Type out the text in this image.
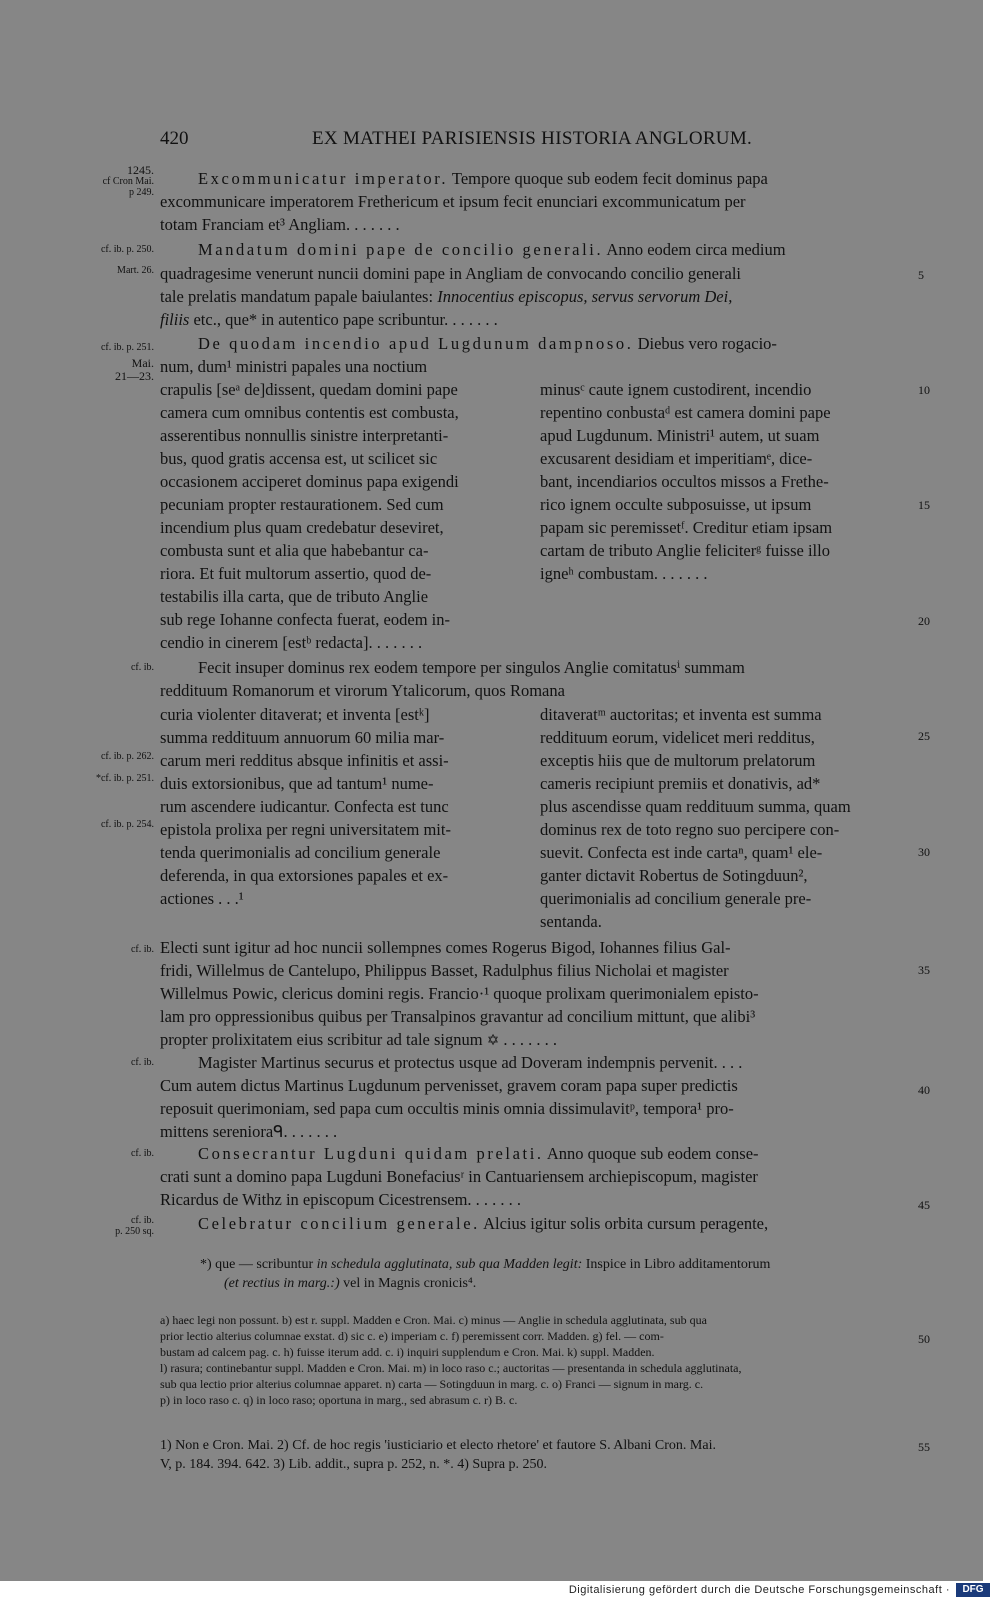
420	EX MATHEI PARISIENSIS HISTORIA ANGLORUM.
1245.
cf Cron Mai.
p 249.
cf. ib. p. 250.
Mart. 26.
cf. ib. p. 251.
Mai.
21—23.
cf. ib.
cf. ib. p. 262.
*cf. ib. p. 251.
cf. ib. p. 254.
cf. ib.
cf. ib.
cf. ib.
cf. ib.
p. 250 sq.
5
10
15
20
25
30
35
40
45
50
55
Excommunicatur imperator. Tempore quoque sub eodem fecit dominus papa
excommunicare imperatorem Frethericum et ipsum fecit enunciari excommunicatum per
totam Franciam et³ Angliam. . . . . . .
Mandatum domini pape de concilio generali. Anno eodem circa medium
quadragesime venerunt nuncii domini pape in Angliam de convocando concilio generali
tale prelatis mandatum papale baiulantes: Innocentius episcopus, servus servorum Dei,
filiis etc., que* in autentico pape scribuntur. . . . . . .
De quodam incendio apud Lugdunum dampnoso. Diebus vero rogacio-
num, dum¹ ministri papales una noctium
crapulis [seᵃ de]dissent, quedam domini pape
camera cum omnibus contentis est combusta,
asserentibus nonnullis sinistre interpretanti-
bus, quod gratis accensa est, ut scilicet sic
occasionem acciperet dominus papa exigendi
pecuniam propter restaurationem. Sed cum
incendium plus quam credebatur deseviret,
combusta sunt et alia que habebantur ca-
riora. Et fuit multorum assertio, quod de-
testabilis illa carta, que de tributo Anglie
sub rege Iohanne confecta fuerat, eodem in-
cendio in cinerem [estᵇ redacta]. . . . . . .
minusᶜ caute ignem custodirent, incendio
repentino conbustaᵈ est camera domini pape
apud Lugdunum. Ministri¹ autem, ut suam
excusarent desidiam et imperitiamᵉ, dice-
bant, incendiarios occultos missos a Frethe-
rico ignem occulte subposuisse, ut ipsum
papam sic peremissetᶠ. Creditur etiam ipsam
cartam de tributo Anglie feliciterᵍ fuisse illo
igneʰ combustam. . . . . . .
Fecit insuper dominus rex eodem tempore per singulos Anglie comitatusⁱ summam
reddituum Romanorum et virorum Ytalicorum, quos Romana
curia violenter ditaverat; et inventa [estᵏ]
summa reddituum annuorum 60 milia mar-
carum meri redditus absque infinitis et assi-
duis extorsionibus, que ad tantum¹ nume-
rum ascendere iudicantur. Confecta est tunc
epistola prolixa per regni universitatem mit-
tenda querimonialis ad concilium generale
deferenda, in qua extorsiones papales et ex-
actiones . . .¹
ditaveratᵐ auctoritas; et inventa est summa
reddituum eorum, videlicet meri redditus,
exceptis hiis que de multorum prelatorum
cameris recipiunt premiis et donativis, ad*
plus ascendisse quam reddituum summa, quam
dominus rex de toto regno suo percipere con-
suevit. Confecta est inde cartaⁿ, quam¹ ele-
ganter dictavit Robertus de Sotingduun²,
querimonialis ad concilium generale pre-
sentanda.
Electi sunt igitur ad hoc nuncii sollempnes comes Rogerus Bigod, Iohannes filius Gal-
fridi, Willelmus de Cantelupo, Philippus Basset, Radulphus filius Nicholai et magister
Willelmus Powic, clericus domini regis. Francio·¹ quoque prolixam querimonialem episto-
lam pro oppressionibus quibus per Transalpinos gravantur ad concilium mittunt, que alibi³
propter prolixitatem eius scribitur ad tale signum ✡ . . . . . . .
Magister Martinus securus et protectus usque ad Doveram indempnis pervenit. . . .
Cum autem dictus Martinus Lugdunum pervenisset, gravem coram papa super predictis
reposuit querimoniam, sed papa cum occultis minis omnia dissimulavitᵖ, tempora¹ pro-
mittens serenioraᑫ. . . . . . .
Consecrantur Lugduni quidam prelati. Anno quoque sub eodem conse-
crati sunt a domino papa Lugduni Bonefaciusʳ in Cantuariensem archiepiscopum, magister
Ricardus de Withz in episcopum Cicestrensem. . . . . . .
Celebratur concilium generale. Alcius igitur solis orbita cursum peragente,

*) que — scribuntur in schedula agglutinata, sub qua Madden legit: Inspice in Libro additamentorum

(et rectius in marg.:) vel in Magnis cronicis⁴.

a) haec legi non possunt. b) est r. suppl. Madden e Cron. Mai. c) minus — Anglie in schedula agglutinata, sub qua

prior lectio alterius columnae exstat. d) sic c. e) imperiam c. f) peremissent corr. Madden. g) fel. — com-

bustam ad calcem pag. c. h) fuisse iterum add. c. i) inquiri supplendum e Cron. Mai. k) suppl. Madden.

l) rasura; continebantur suppl. Madden e Cron. Mai. m) in loco raso c.; auctoritas — presentanda in schedula agglutinata,

sub qua lectio prior alterius columnae apparet. n) carta — Sotingduun in marg. c. o) Franci — signum in marg. c.

p) in loco raso c. q) in loco raso; oportuna in marg., sed abrasum c. r) B. c.

1) Non e Cron. Mai. 2) Cf. de hoc regis 'iusticiario et electo rhetore' et fautore S. Albani Cron. Mai.

V, p. 184. 394. 642. 3) Lib. addit., supra p. 252, n. *. 4) Supra p. 250.

Digitalisierung gefördert durch die Deutsche Forschungsgemeinschaft ·	DFG
